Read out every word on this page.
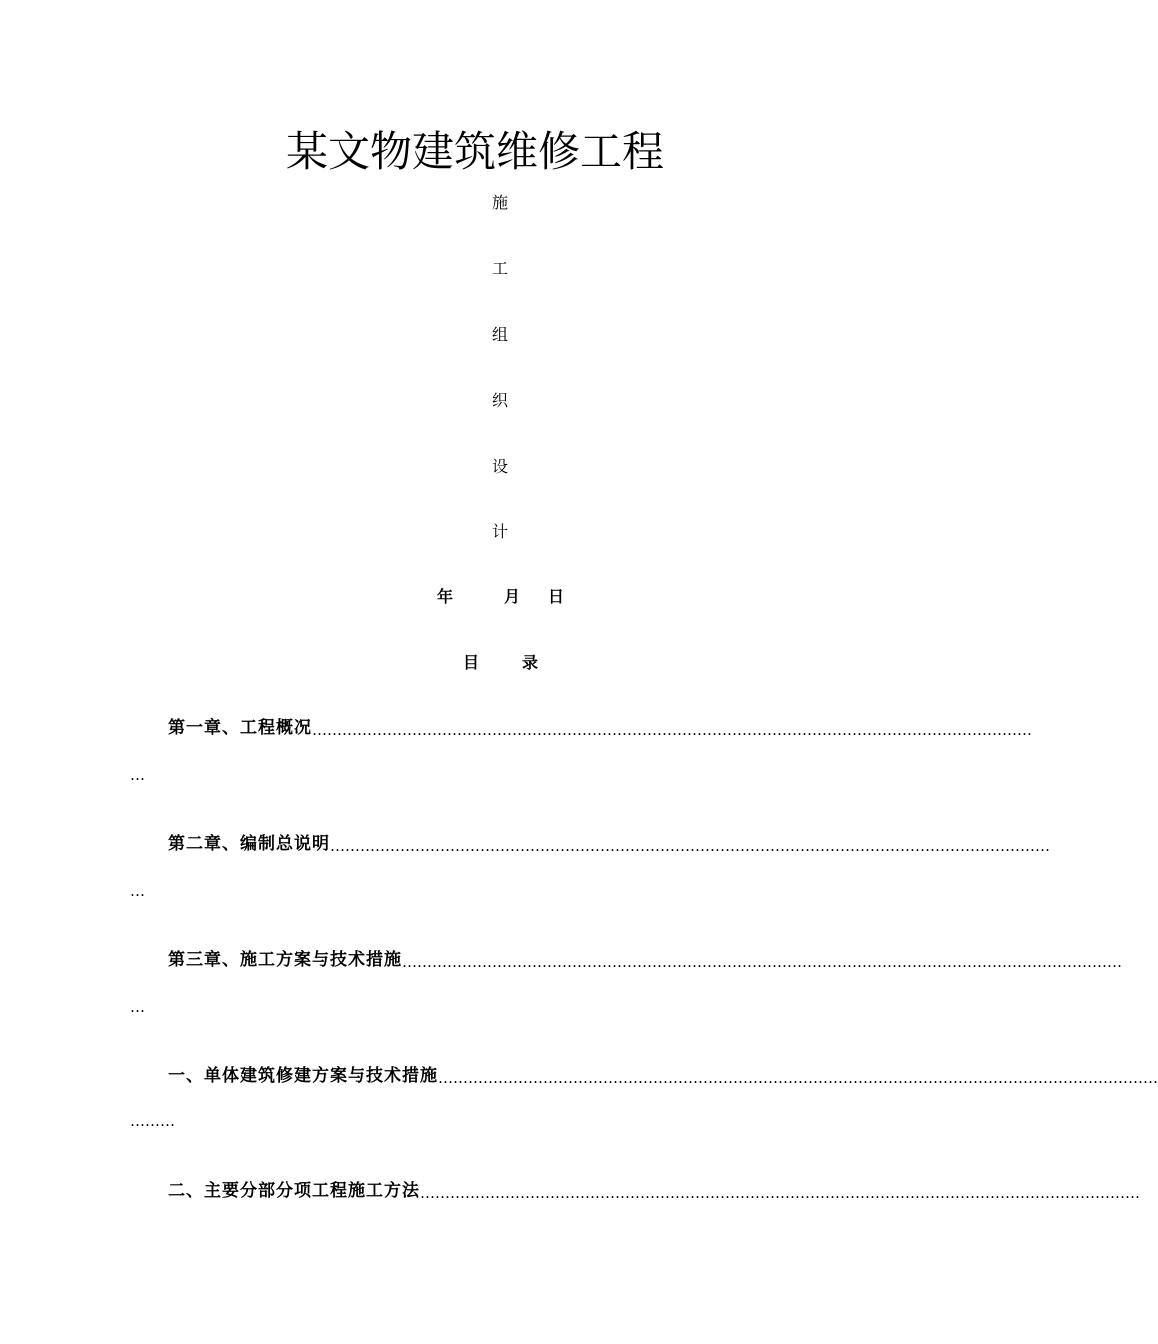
某文物建筑维修工程
施
工
组
织
设
计
年	月 日
目	录
第一章、工程概况 ………………………………………………………………………………………………………………………………
…
第二章、编制总说明 ………………………………………………………………………………………………………………………………
…
第三章、施工方案与技术措施 ………………………………………………………………………………………………………………………………
…
一、单体建筑修建方案与技术措施 ………………………………………………………………………………………………………………………………
………
二、主要分部分项工程施工方法 ………………………………………………………………………………………………………………………………
